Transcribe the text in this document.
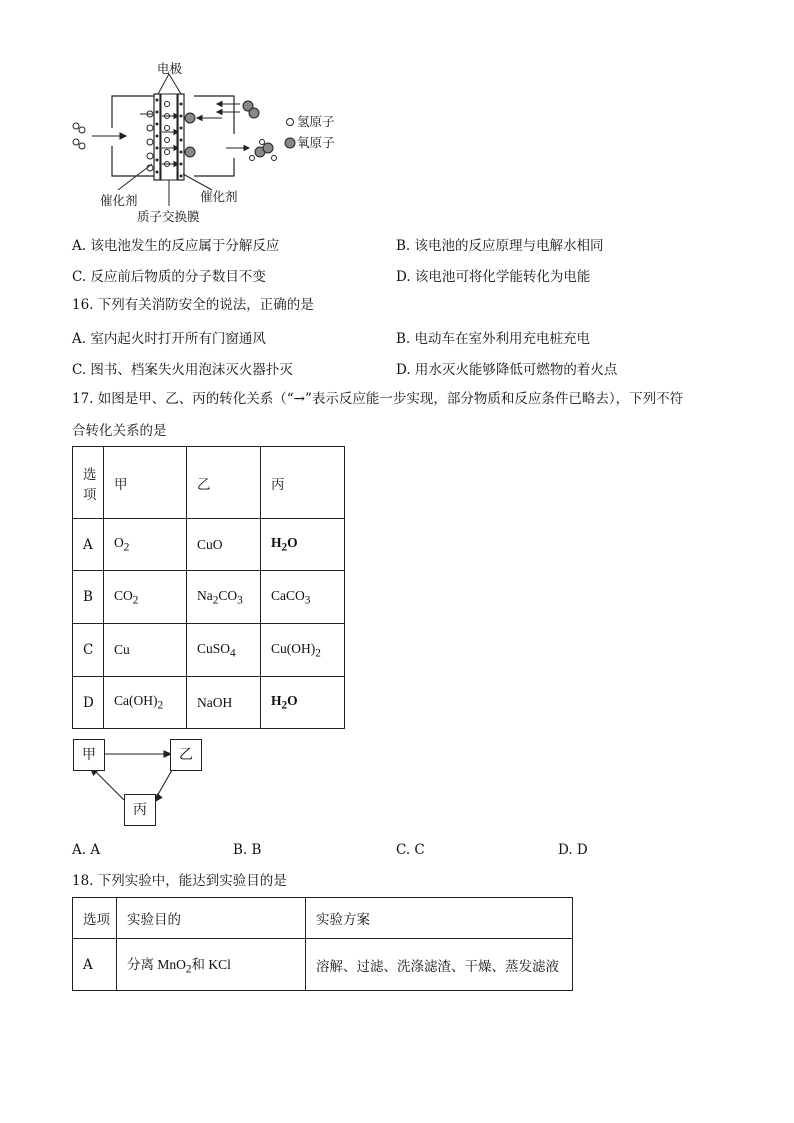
电极
催化剂	催化剂
质子交换膜
氢原子
氧原子
A. 该电池发生的反应属于分解反应	B. 该电池的反应原理与电解水相同
C. 反应前后物质的分子数目不变	D. 该电池可将化学能转化为电能
16. 下列有关消防安全的说法，正确的是
A. 室内起火时打开所有门窗通风	B. 电动车在室外利用充电桩充电
C. 图书、档案失火用泡沫灭火器扑灭	D. 用水灭火能够降低可燃物的着火点
17. 如图是甲、乙、丙的转化关系（“→”表示反应能一步实现，部分物质和反应条件已略去），下列不符
合转化关系的是
选
项	甲	乙	丙
A	$O_2$	CuO	$H_2O$
B	$CO_2$	$Na_2CO_3$	CaCO$_3$
C	Cu	CuSO$_4$	$Cu(OH)_2$
D	$Ca(OH)_2$	NaOH	$H_2O$
甲	乙
丙
A. A	B. B	C. C	D. D
18. 下列实验中，能达到实验目的是
选项	实验目的	实验方案
A	分离 MnO$_2$和 KCl	溶解、过滤、洗涤滤渣、干燥、蒸发滤液
